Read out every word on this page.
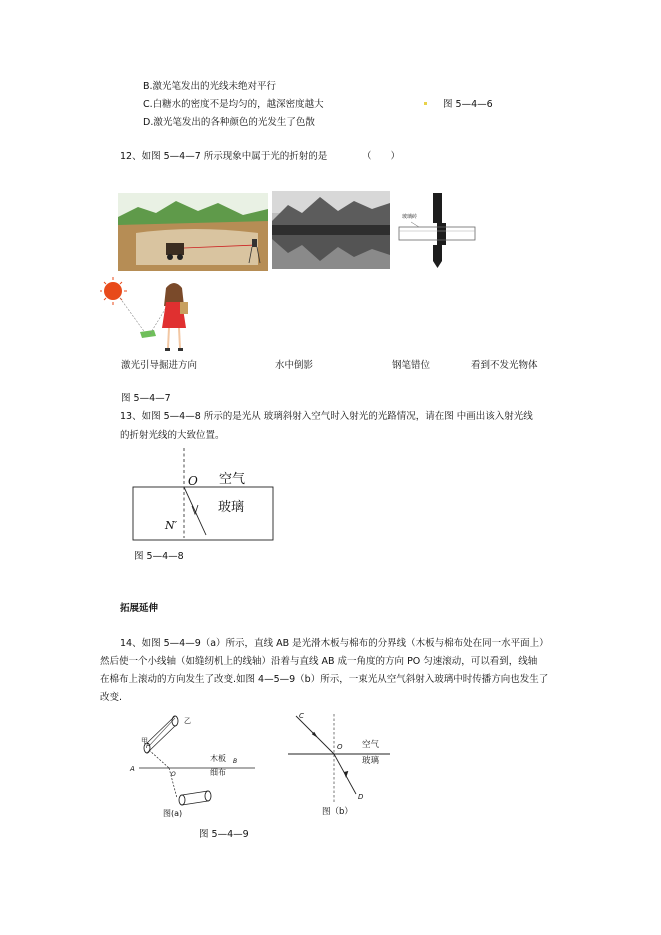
B.激光笔发出的光线未绝对平行
C.白糖水的密度不是均匀的，越深密度越大
D.激光笔发出的各种颜色的光发生了色散
图 5—4—6
12、如图 5—4—7 所示现象中属于光的折射的是	（　　）
玻璃砖
激光引导掘进方向	水中倒影	钢笔错位	看到不发光物体
图 5—4—7
13、如图 5—4—8 所示的是光从 玻璃斜射入空气时入射光的光路情况，请在图 中画出该入射光线
的折射光线的大致位置。
O 空气
玻璃
N′
图 5—4—8
拓展延伸
14、如图 5—4—9（a）所示，直线 AB 是光滑木板与棉布的分界线（木板与棉布处在同一水平面上）
然后使一个小线轴（如缝纫机上的线轴）沿着与直线 AB 成一角度的方向 PO 匀速滚动，可以看到，线轴
在棉布上滚动的方向发生了改变.如图 4—5—9（b）所示，一束光从空气斜射入玻璃中时传播方向也发生了
改变.
甲
乙
P
A
B
O
木板
细布
图(a)
C
O
D
空气
玻璃
图（b）
图 5—4—9
